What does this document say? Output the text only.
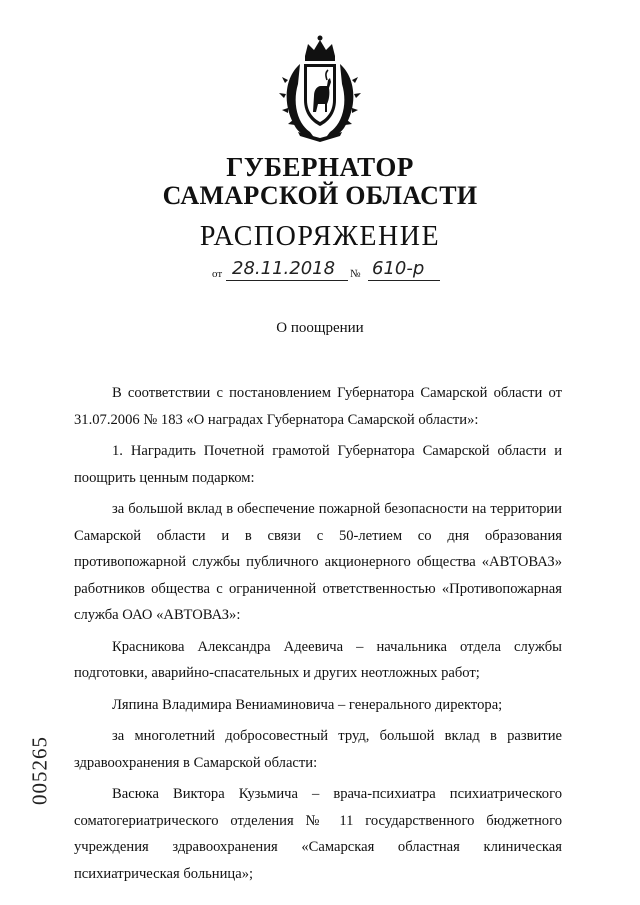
ГУБЕРНАТОР
САМАРСКОЙ ОБЛАСТИ
РАСПОРЯЖЕНИЕ
от 28.11.2018 № 610-р
О поощрении

В соответствии с постановлением Губернатора Самарской области от 31.07.2006 № 183 «О наградах Губернатора Самарской области»:

1. Наградить Почетной грамотой Губернатора Самарской области и поощрить ценным подарком:

за большой вклад в обеспечение пожарной безопасности на территории Самарской области и в связи с 50-летием со дня образования противопожарной службы публичного акционерного общества «АВТОВАЗ» работников общества с ограниченной ответственностью «Противопожарная служба ОАО «АВТОВАЗ»:

Красникова Александра Адеевича – начальника отдела службы подготовки, аварийно-спасательных и других неотложных работ;

Ляпина Владимира Вениаминовича – генерального директора;

за многолетний добросовестный труд, большой вклад в развитие здравоохранения в Самарской области:

Васюка Виктора Кузьмича – врача-психиатра психиатрического соматогериатрического отделения № 11 государственного бюджетного учреждения здравоохранения «Самарская областная клиническая психиатрическая больница»;

005265
